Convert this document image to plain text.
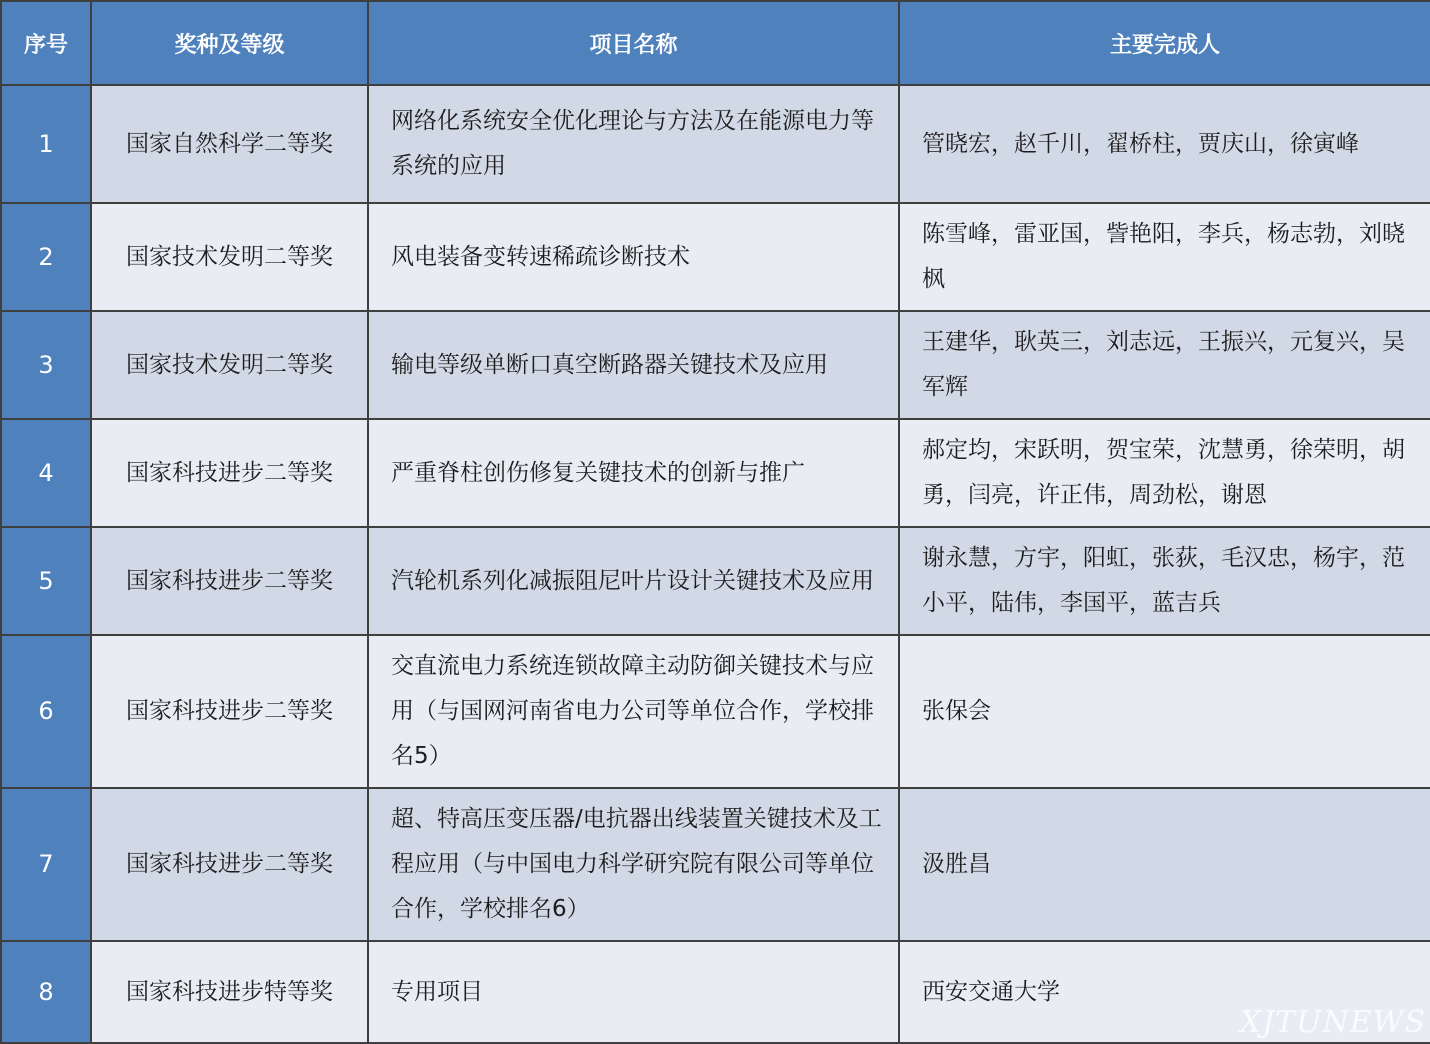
序号	奖种及等级	项目名称	主要完成人
1	国家自然科学二等奖	网络化系统安全优化理论与方法及在能源电力等系统的应用	管晓宏，赵千川，翟桥柱，贾庆山，徐寅峰
2	国家技术发明二等奖	风电装备变转速稀疏诊断技术	陈雪峰，雷亚国，訾艳阳，李兵，杨志勃，刘晓枫
3	国家技术发明二等奖	输电等级单断口真空断路器关键技术及应用	王建华，耿英三，刘志远，王振兴，元复兴，吴军辉
4	国家科技进步二等奖	严重脊柱创伤修复关键技术的创新与推广	郝定均，宋跃明，贺宝荣，沈慧勇，徐荣明，胡勇，闫亮，许正伟，周劲松，谢恩
5	国家科技进步二等奖	汽轮机系列化减振阻尼叶片设计关键技术及应用	谢永慧，方宇，阳虹，张荻，毛汉忠，杨宇，范小平，陆伟，李国平，蓝吉兵
6	国家科技进步二等奖	交直流电力系统连锁故障主动防御关键技术与应用（与国网河南省电力公司等单位合作，学校排名5）	张保会
7	国家科技进步二等奖	超、特高压变压器/电抗器出线装置关键技术及工程应用（与中国电力科学研究院有限公司等单位合作，学校排名6）	汲胜昌
8	国家科技进步特等奖	专用项目	西安交通大学
XJTUNEWS
